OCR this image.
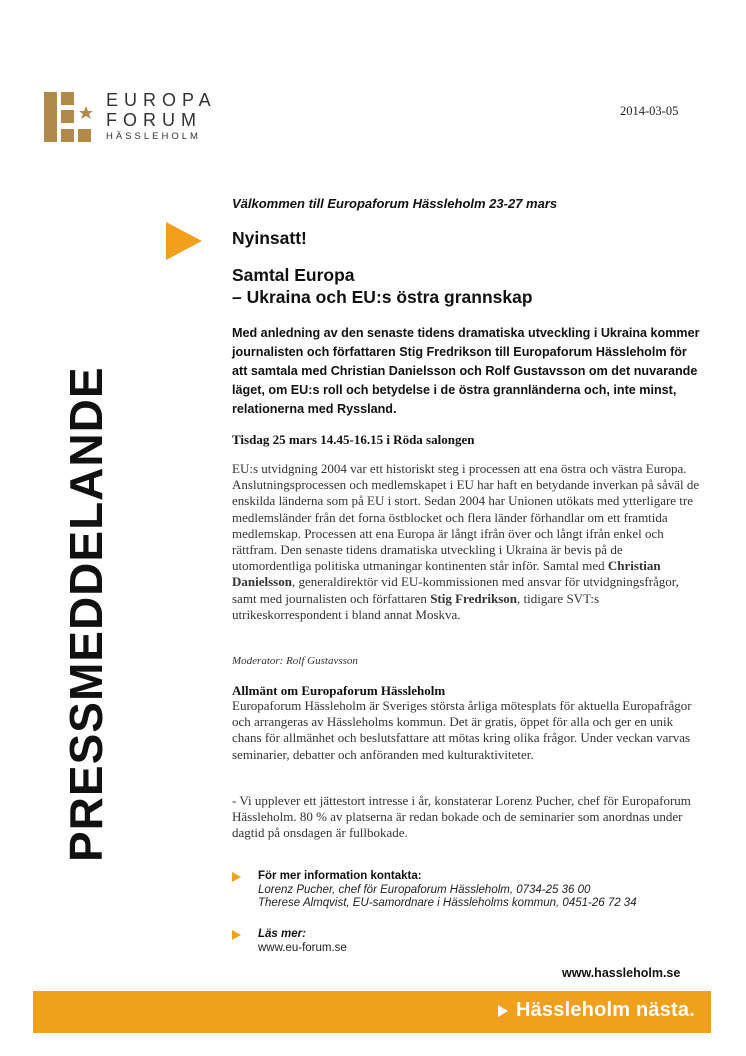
EUROPA
FORUM
HÄSSLEHOLM
2014-03-05
PRESSMEDDELANDE
Välkommen till Europaforum Hässleholm 23-27 mars
Nyinsatt!
Samtal Europa
– Ukraina och EU:s östra grannskap

Med anledning av den senaste tidens dramatiska utveckling i Ukraina kommer journalisten och författaren Stig Fredrikson till Europaforum Hässleholm för att samtala med Christian Danielsson och Rolf Gustavsson om det nuvarande läget, om EU:s roll och betydelse i de östra grannländerna och, inte minst, relationerna med Ryssland.

Tisdag 25 mars 14.45-16.15 i Röda salongen

EU:s utvidgning 2004 var ett historiskt steg i processen att ena östra och västra Europa. Anslutningsprocessen och medlemskapet i EU har haft en betydande inverkan på såväl de enskilda länderna som på EU i stort. Sedan 2004 har Unionen utökats med ytterligare tre medlemsländer från det forna östblocket och flera länder förhandlar om ett framtida medlemskap. Processen att ena Europa är långt ifrån över och långt ifrån enkel och rättfram. Den senaste tidens dramatiska utveckling i Ukraina är bevis på de utomordentliga politiska utmaningar kontinenten står inför. Samtal med Christian Danielsson, generaldirektör vid EU-kommissionen med ansvar för utvidgningsfrågor, samt med journalisten och författaren Stig Fredrikson, tidigare SVT:s utrikeskorrespondent i bland annat Moskva.

Moderator: Rolf Gustavsson
Allmänt om Europaforum Hässleholm

Europaforum Hässleholm är Sveriges största årliga mötesplats för aktuella Europafrågor och arrangeras av Hässleholms kommun. Det är gratis, öppet för alla och ger en unik chans för allmänhet och beslutsfattare att mötas kring olika frågor. Under veckan varvas seminarier, debatter och anföranden med kulturaktiviteter.

- Vi upplever ett jättestort intresse i år, konstaterar Lorenz Pucher, chef för Europaforum Hässleholm. 80 % av platserna är redan bokade och de seminarier som anordnas under dagtid på onsdagen är fullbokade.

För mer information kontakta:
Lorenz Pucher, chef för Europaforum Hässleholm, 0734-25 36 00
Therese Almqvist, EU-samordnare i Hässleholms kommun, 0451-26 72 34
Läs mer:
www.eu-forum.se
www.hassleholm.se
Hässleholm nästa.
